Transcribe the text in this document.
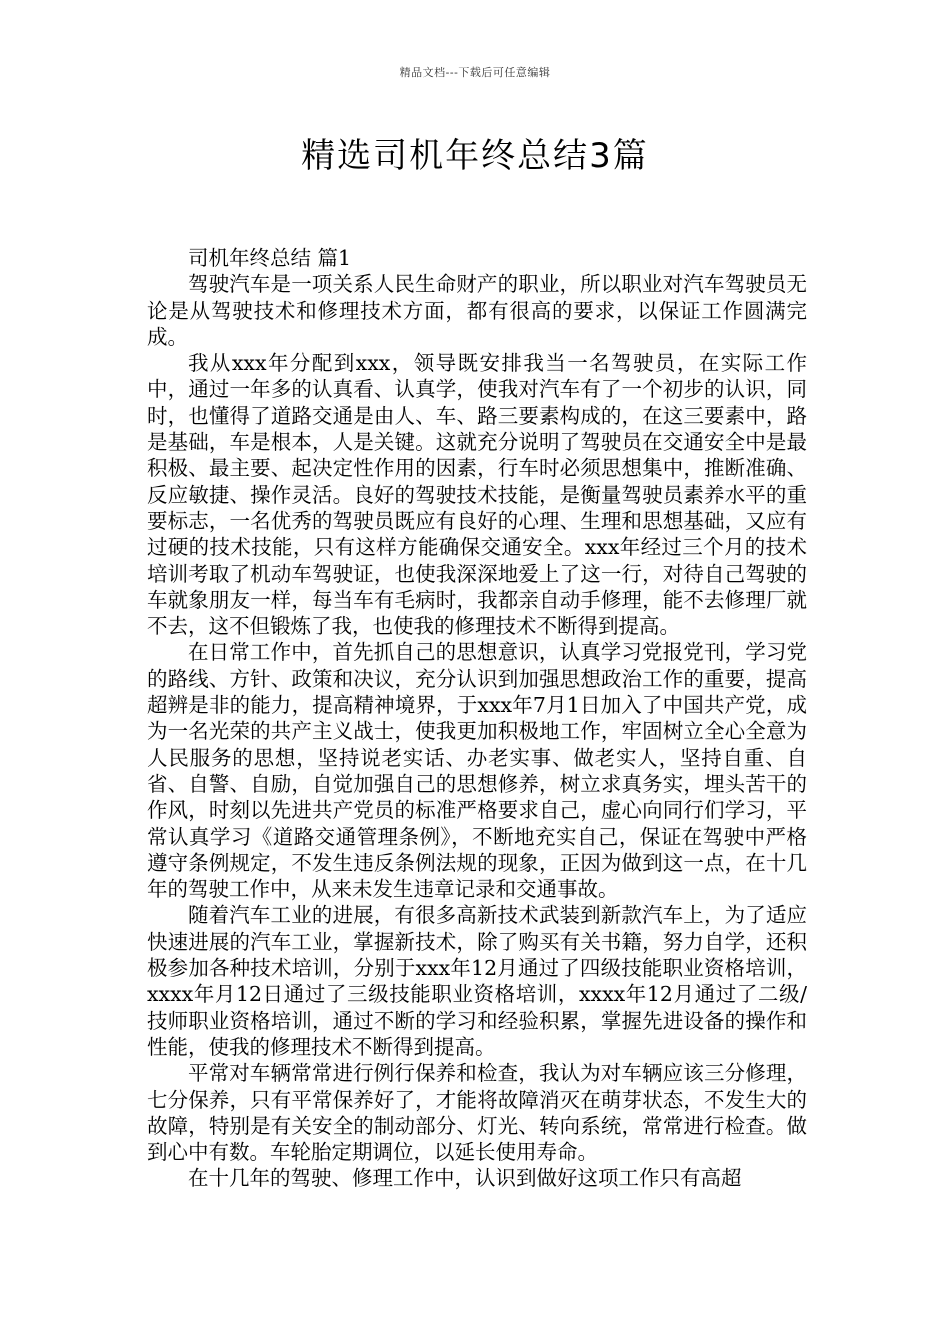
精品文档---下载后可任意编辑
精选司机年终总结3篇

司机年终总结 篇1

驾驶汽车是一项关系人民生命财产的职业，所以职业对汽车驾驶员无论是从驾驶技术和修理技术方面，都有很高的要求，以保证工作圆满完成。

我从xxx年分配到xxx，领导既安排我当一名驾驶员，在实际工作中，通过一年多的认真看、认真学，使我对汽车有了一个初步的认识，同时，也懂得了道路交通是由人、车、路三要素构成的，在这三要素中，路是基础，车是根本，人是关键。这就充分说明了驾驶员在交通安全中是最积极、最主要、起决定性作用的因素，行车时必须思想集中，推断准确、反应敏捷、操作灵活。良好的驾驶技术技能，是衡量驾驶员素养水平的重要标志，一名优秀的驾驶员既应有良好的心理、生理和思想基础，又应有过硬的技术技能，只有这样方能确保交通安全。xxx年经过三个月的技术培训考取了机动车驾驶证，也使我深深地爱上了这一行，对待自己驾驶的车就象朋友一样，每当车有毛病时，我都亲自动手修理，能不去修理厂就不去，这不但锻炼了我，也使我的修理技术不断得到提高。

在日常工作中，首先抓自己的思想意识，认真学习党报党刊，学习党的路线、方针、政策和决议，充分认识到加强思想政治工作的重要，提高超辨是非的能力，提高精神境界，于xxx年7月1日加入了中国共产党，成为一名光荣的共产主义战士，使我更加积极地工作，牢固树立全心全意为人民服务的思想，坚持说老实话、办老实事、做老实人，坚持自重、自省、自警、自励，自觉加强自己的思想修养，树立求真务实，埋头苦干的作风，时刻以先进共产党员的标准严格要求自己，虚心向同行们学习，平常认真学习《道路交通管理条例》，不断地充实自己，保证在驾驶中严格遵守条例规定，不发生违反条例法规的现象，正因为做到这一点，在十几年的驾驶工作中，从来未发生违章记录和交通事故。

随着汽车工业的进展，有很多高新技术武装到新款汽车上，为了适应快速进展的汽车工业，掌握新技术，除了购买有关书籍，努力自学，还积极参加各种技术培训，分别于xxx年12月通过了四级技能职业资格培训，xxxx年月12日通过了三级技能职业资格培训，xxxx年12月通过了二级/技师职业资格培训，通过不断的学习和经验积累，掌握先进设备的操作和性能，使我的修理技术不断得到提高。

平常对车辆常常进行例行保养和检查，我认为对车辆应该三分修理，七分保养，只有平常保养好了，才能将故障消灭在萌芽状态，不发生大的故障，特别是有关安全的制动部分、灯光、转向系统，常常进行检查。做到心中有数。车轮胎定期调位，以延长使用寿命。

在十几年的驾驶、修理工作中，认识到做好这项工作只有高超
